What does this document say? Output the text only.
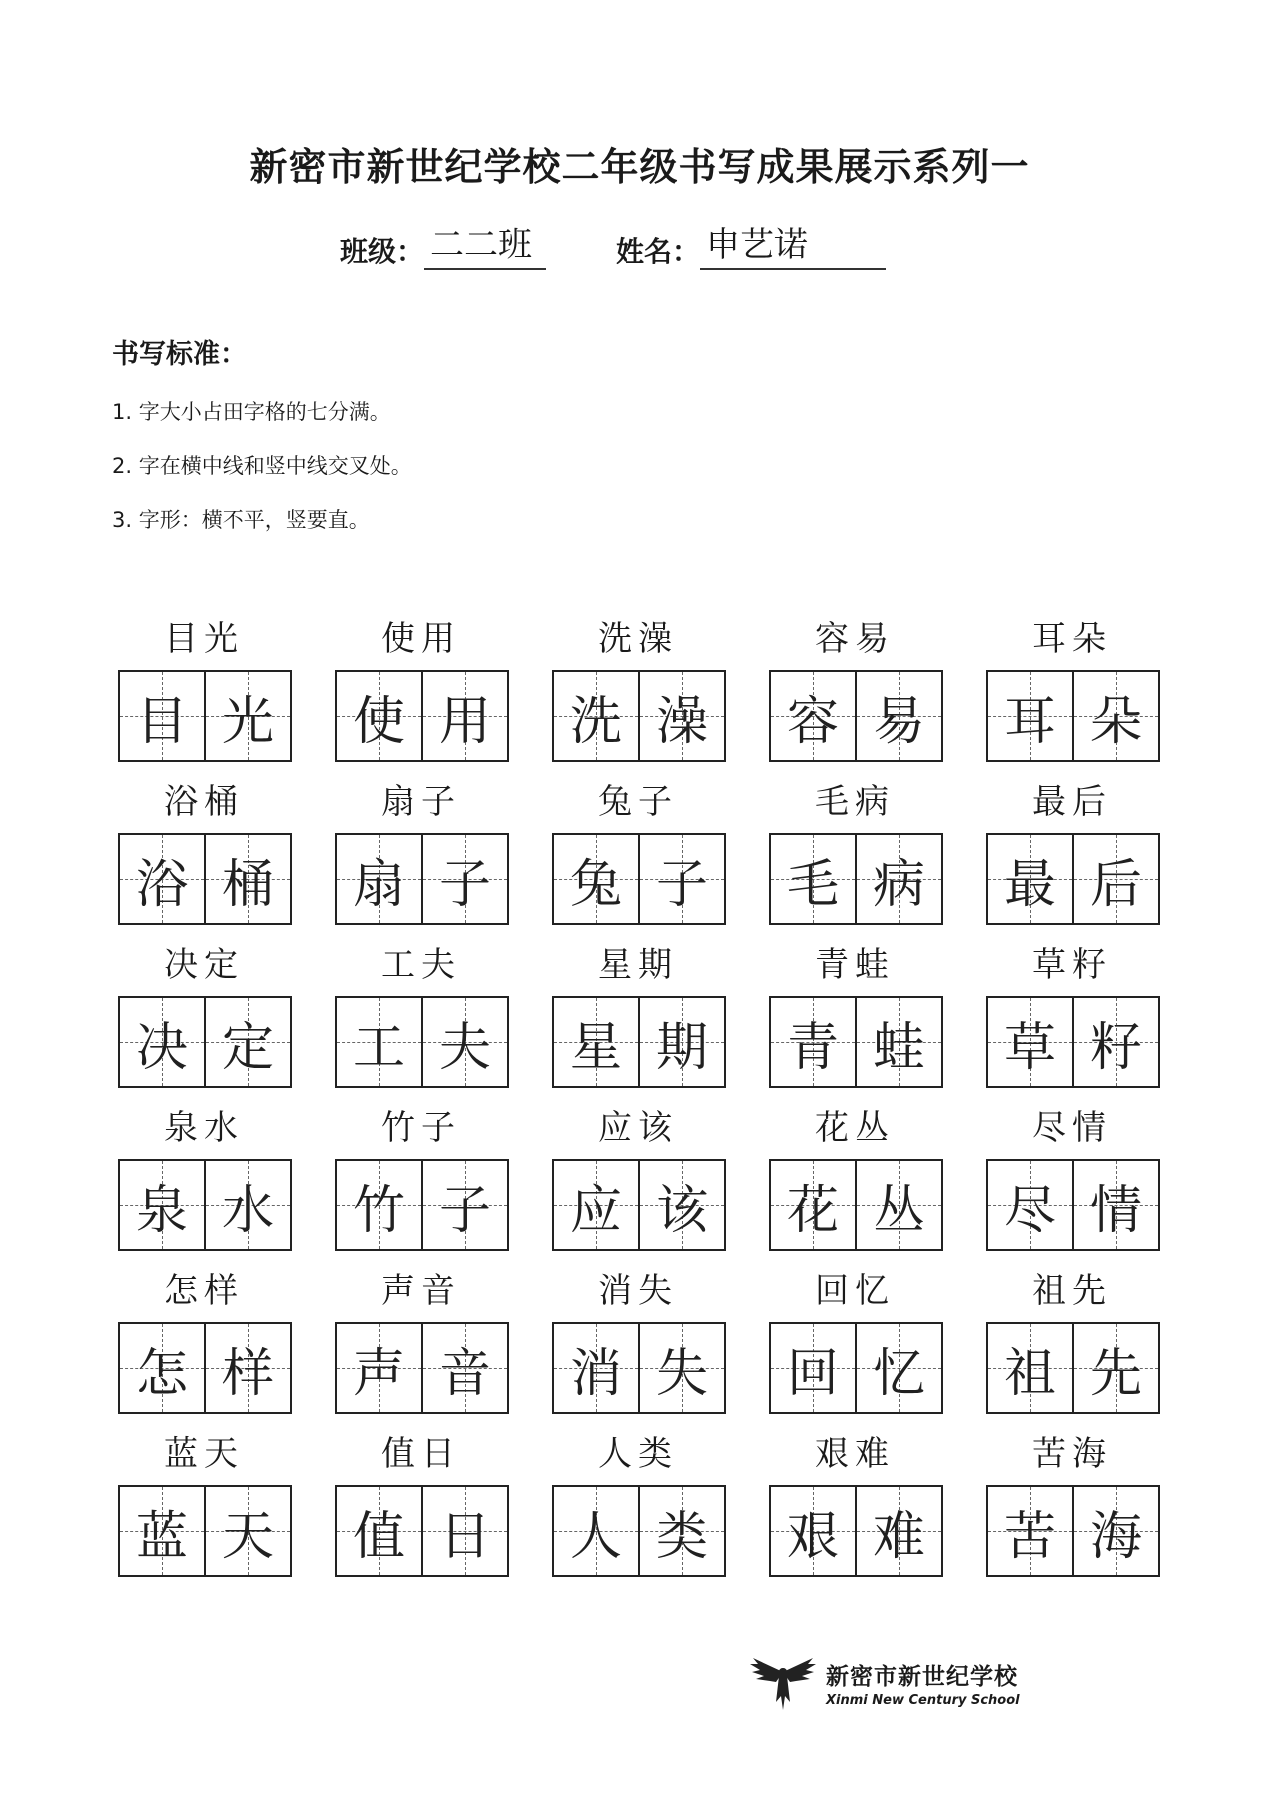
新密市新世纪学校二年级书写成果展示系列一
班级： 二二班	姓名： 申艺诺
书写标准：
1. 字大小占田字格的七分满。
2. 字在横中线和竖中线交叉处。
3. 字形：横不平，竖要直。
目光
目 光
使用
使 用
洗澡
洗 澡
容易
容 易
耳朵
耳 朵
浴桶
浴 桶
扇子
扇 子
兔子
兔 子
毛病
毛 病
最后
最 后
决定
决 定
工夫
工 夫
星期
星 期
青蛙
青 蛙
草籽
草 籽
泉水
泉 水
竹子
竹 子
应该
应 该
花丛
花 丛
尽情
尽 情
怎样
怎 样
声音
声 音
消失
消 失
回忆
回 忆
祖先
祖 先
蓝天
蓝 天
值日
值 日
人类
人 类
艰难
艰 难
苦海
苦 海
新密市新世纪学校
Xinmi New Century School
